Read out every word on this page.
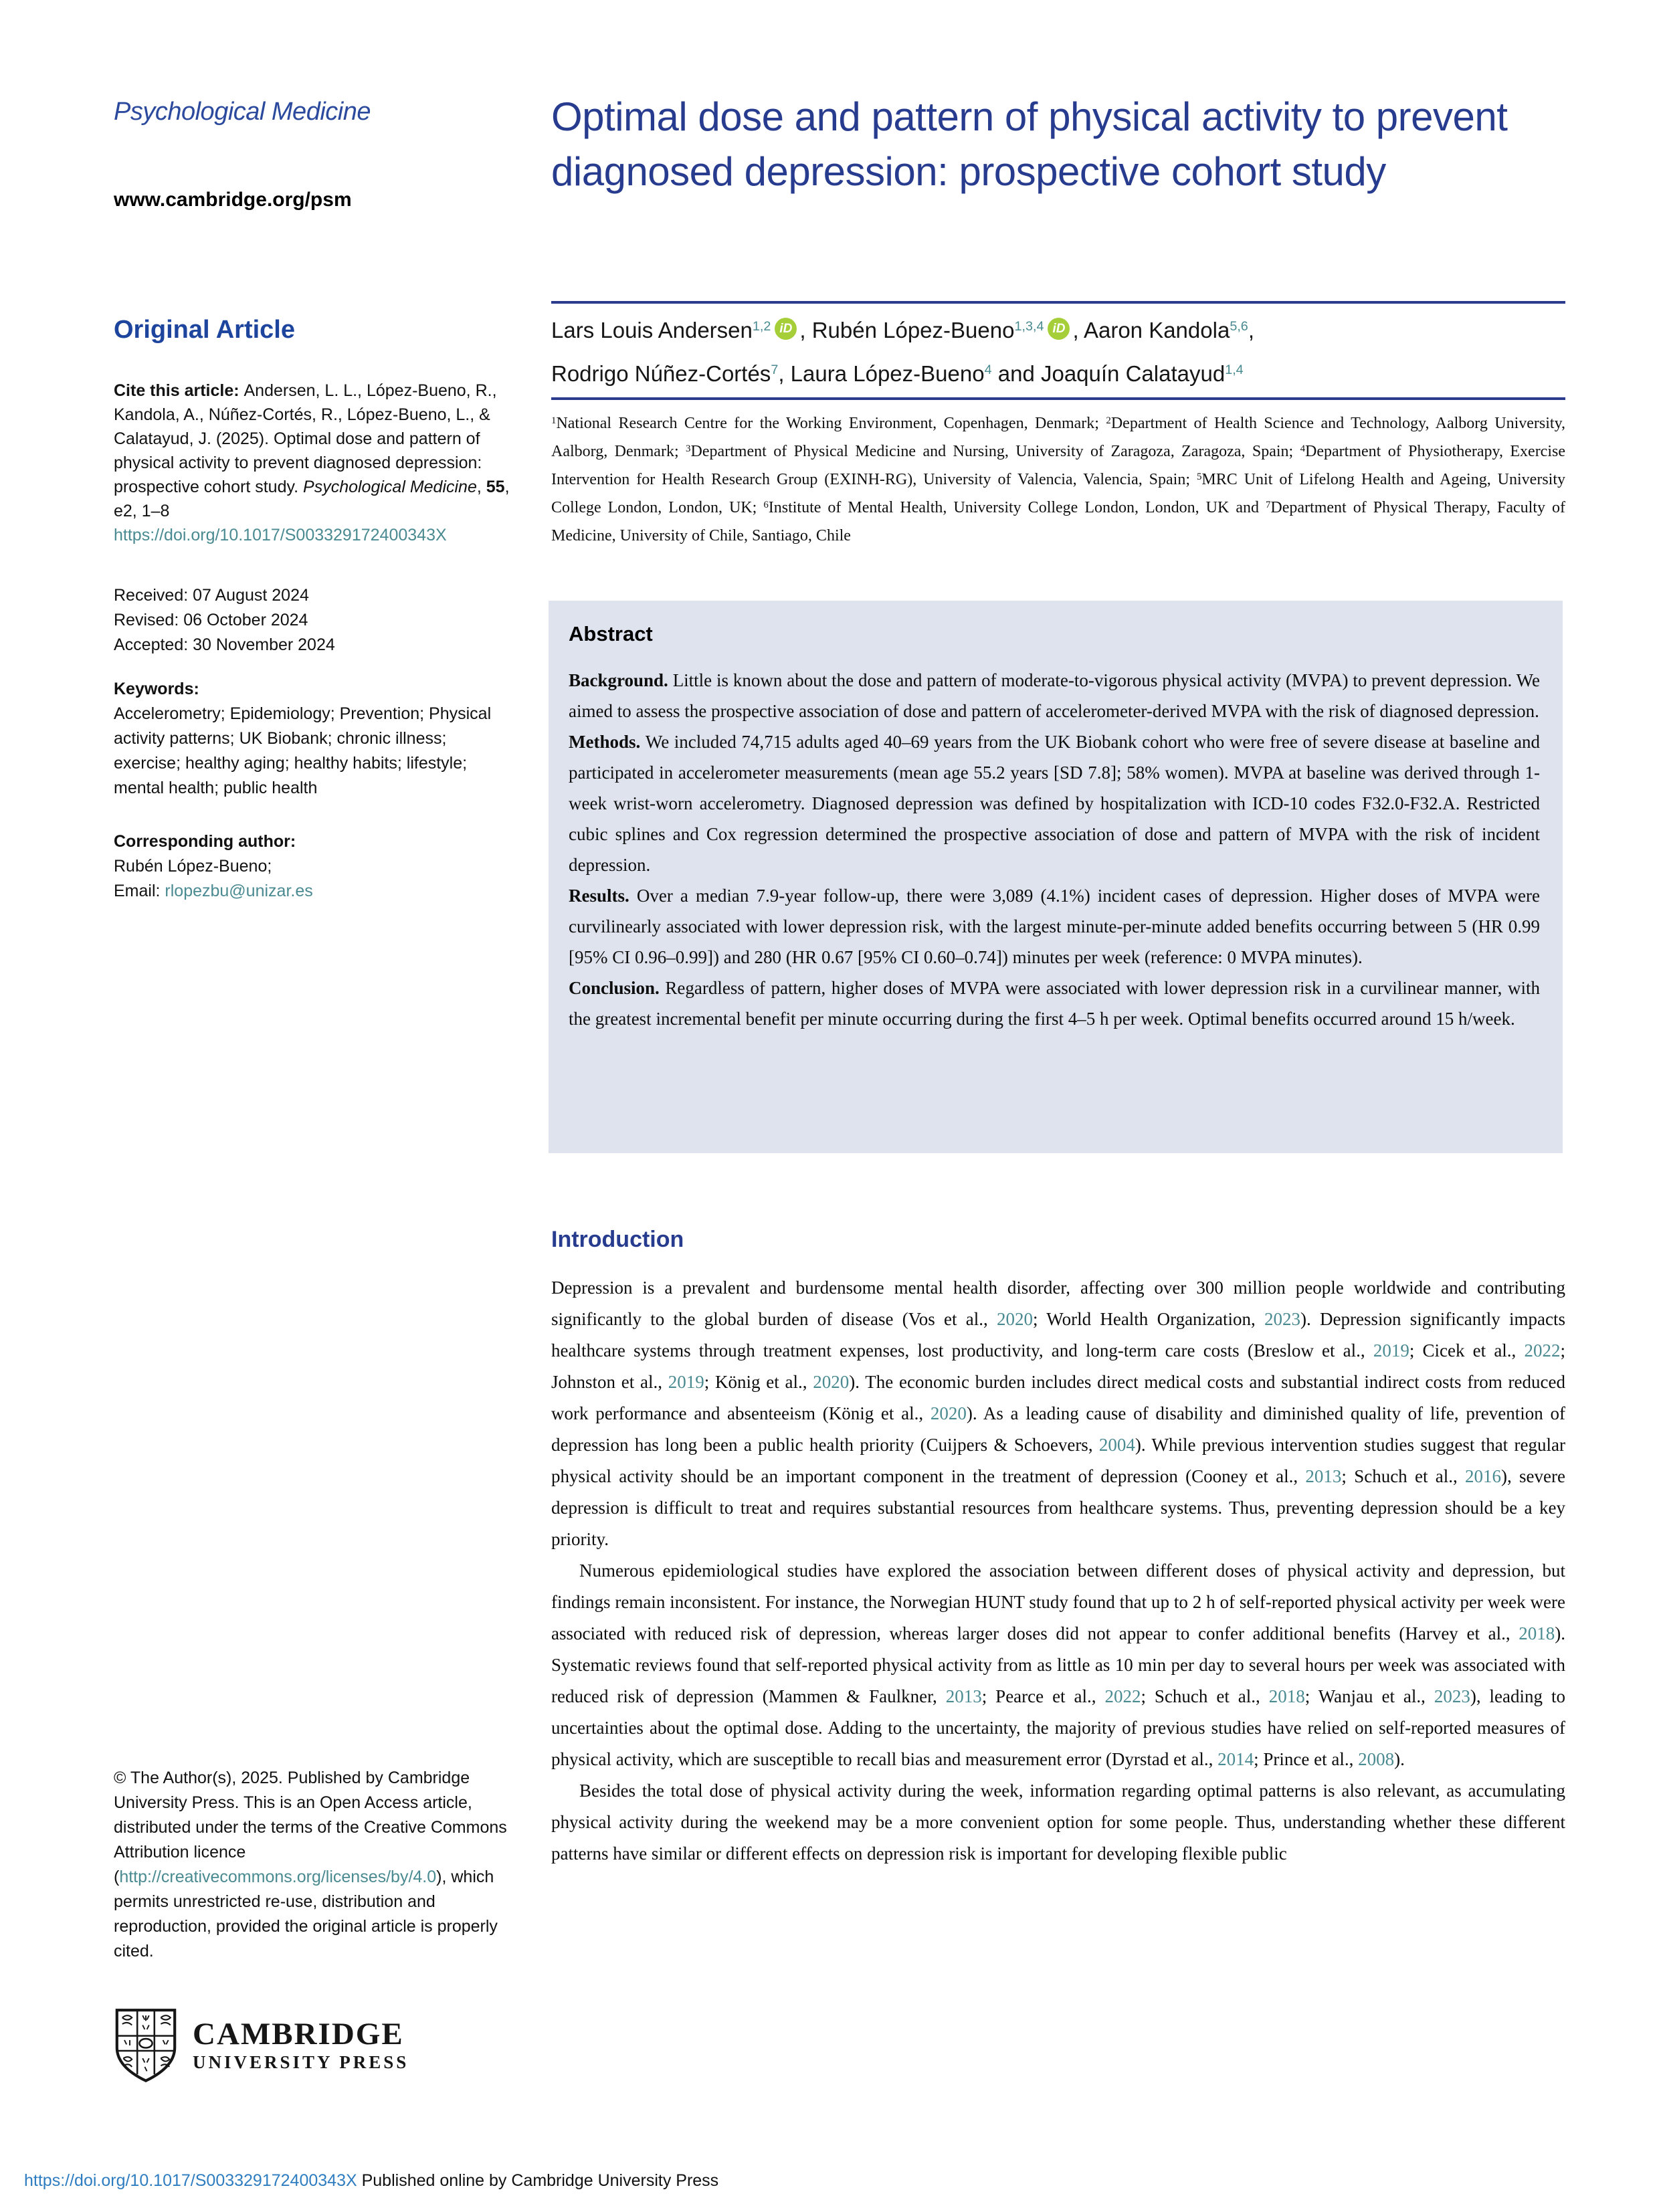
Psychological Medicine
www.cambridge.org/psm
Original Article

Cite this article: Andersen, L. L., López-Bueno, R., Kandola, A., Núñez-Cortés, R., López-Bueno, L., & Calatayud, J. (2025). Optimal dose and pattern of physical activity to prevent diagnosed depression: prospective cohort study. Psychological Medicine, 55, e2, 1–8
https://doi.org/10.1017/S003329172400343X

Received: 07 August 2024
Revised: 06 October 2024
Accepted: 30 November 2024
Keywords:
Accelerometry; Epidemiology; Prevention; Physical activity patterns; UK Biobank; chronic illness; exercise; healthy aging; healthy habits; lifestyle; mental health; public health
Corresponding author:
Rubén López-Bueno;
Email: rlopezbu@unizar.es

© The Author(s), 2025. Published by Cambridge University Press. This is an Open Access article, distributed under the terms of the Creative Commons Attribution licence (http://creativecommons.org/licenses/by/4.0), which permits unrestricted re-use, distribution and reproduction, provided the original article is properly cited.

CAMBRIDGE
UNIVERSITY PRESS
Optimal dose and pattern of physical activity to prevent diagnosed depression: prospective cohort study
Lars Louis Andersen$^{1,2}$ iD , Rubén López-Bueno$^{1,3,4}$ iD , Aaron Kandola$^{5,6}$,
Rodrigo Núñez-Cortés$^7$, Laura López-Bueno$^4$ and Joaquín Calatayud$^{1,4}$

$^1$National Research Centre for the Working Environment, Copenhagen, Denmark; $^2$Department of Health Science and Technology, Aalborg University, Aalborg, Denmark; $^3$Department of Physical Medicine and Nursing, University of Zaragoza, Zaragoza, Spain; $^4$Department of Physiotherapy, Exercise Intervention for Health Research Group (EXINH-RG), University of Valencia, Valencia, Spain; $^5$MRC Unit of Lifelong Health and Ageing, University College London, London, UK; $^6$Institute of Mental Health, University College London, London, UK and $^7$Department of Physical Therapy, Faculty of Medicine, University of Chile, Santiago, Chile

Abstract

Background. Little is known about the dose and pattern of moderate-to-vigorous physical activity (MVPA) to prevent depression. We aimed to assess the prospective association of dose and pattern of accelerometer-derived MVPA with the risk of diagnosed depression.

Methods. We included 74,715 adults aged 40–69 years from the UK Biobank cohort who were free of severe disease at baseline and participated in accelerometer measurements (mean age 55.2 years [SD 7.8]; 58% women). MVPA at baseline was derived through 1-week wrist-worn accelerometry. Diagnosed depression was defined by hospitalization with ICD-10 codes F32.0-F32.A. Restricted cubic splines and Cox regression determined the prospective association of dose and pattern of MVPA with the risk of incident depression.

Results. Over a median 7.9-year follow-up, there were 3,089 (4.1%) incident cases of depression. Higher doses of MVPA were curvilinearly associated with lower depression risk, with the largest minute-per-minute added benefits occurring between 5 (HR 0.99 [95% CI 0.96–0.99]) and 280 (HR 0.67 [95% CI 0.60–0.74]) minutes per week (reference: 0 MVPA minutes).

Conclusion. Regardless of pattern, higher doses of MVPA were associated with lower depression risk in a curvilinear manner, with the greatest incremental benefit per minute occurring during the first 4–5 h per week. Optimal benefits occurred around 15 h/week.

Introduction

Depression is a prevalent and burdensome mental health disorder, affecting over 300 million people worldwide and contributing significantly to the global burden of disease (Vos et al., 2020; World Health Organization, 2023). Depression significantly impacts healthcare systems through treatment expenses, lost productivity, and long-term care costs (Breslow et al., 2019; Cicek et al., 2022; Johnston et al., 2019; König et al., 2020). The economic burden includes direct medical costs and substantial indirect costs from reduced work performance and absenteeism (König et al., 2020). As a leading cause of disability and diminished quality of life, prevention of depression has long been a public health priority (Cuijpers & Schoevers, 2004). While previous intervention studies suggest that regular physical activity should be an important component in the treatment of depression (Cooney et al., 2013; Schuch et al., 2016), severe depression is difficult to treat and requires substantial resources from healthcare systems. Thus, preventing depression should be a key priority.

Numerous epidemiological studies have explored the association between different doses of physical activity and depression, but findings remain inconsistent. For instance, the Norwegian HUNT study found that up to 2 h of self-reported physical activity per week were associated with reduced risk of depression, whereas larger doses did not appear to confer additional benefits (Harvey et al., 2018). Systematic reviews found that self-reported physical activity from as little as 10 min per day to several hours per week was associated with reduced risk of depression (Mammen & Faulkner, 2013; Pearce et al., 2022; Schuch et al., 2018; Wanjau et al., 2023), leading to uncertainties about the optimal dose. Adding to the uncertainty, the majority of previous studies have relied on self-reported measures of physical activity, which are susceptible to recall bias and measurement error (Dyrstad et al., 2014; Prince et al., 2008).

Besides the total dose of physical activity during the week, information regarding optimal patterns is also relevant, as accumulating physical activity during the weekend may be a more convenient option for some people. Thus, understanding whether these different patterns have similar or different effects on depression risk is important for developing flexible public

https://doi.org/10.1017/S003329172400343X Published online by Cambridge University Press
